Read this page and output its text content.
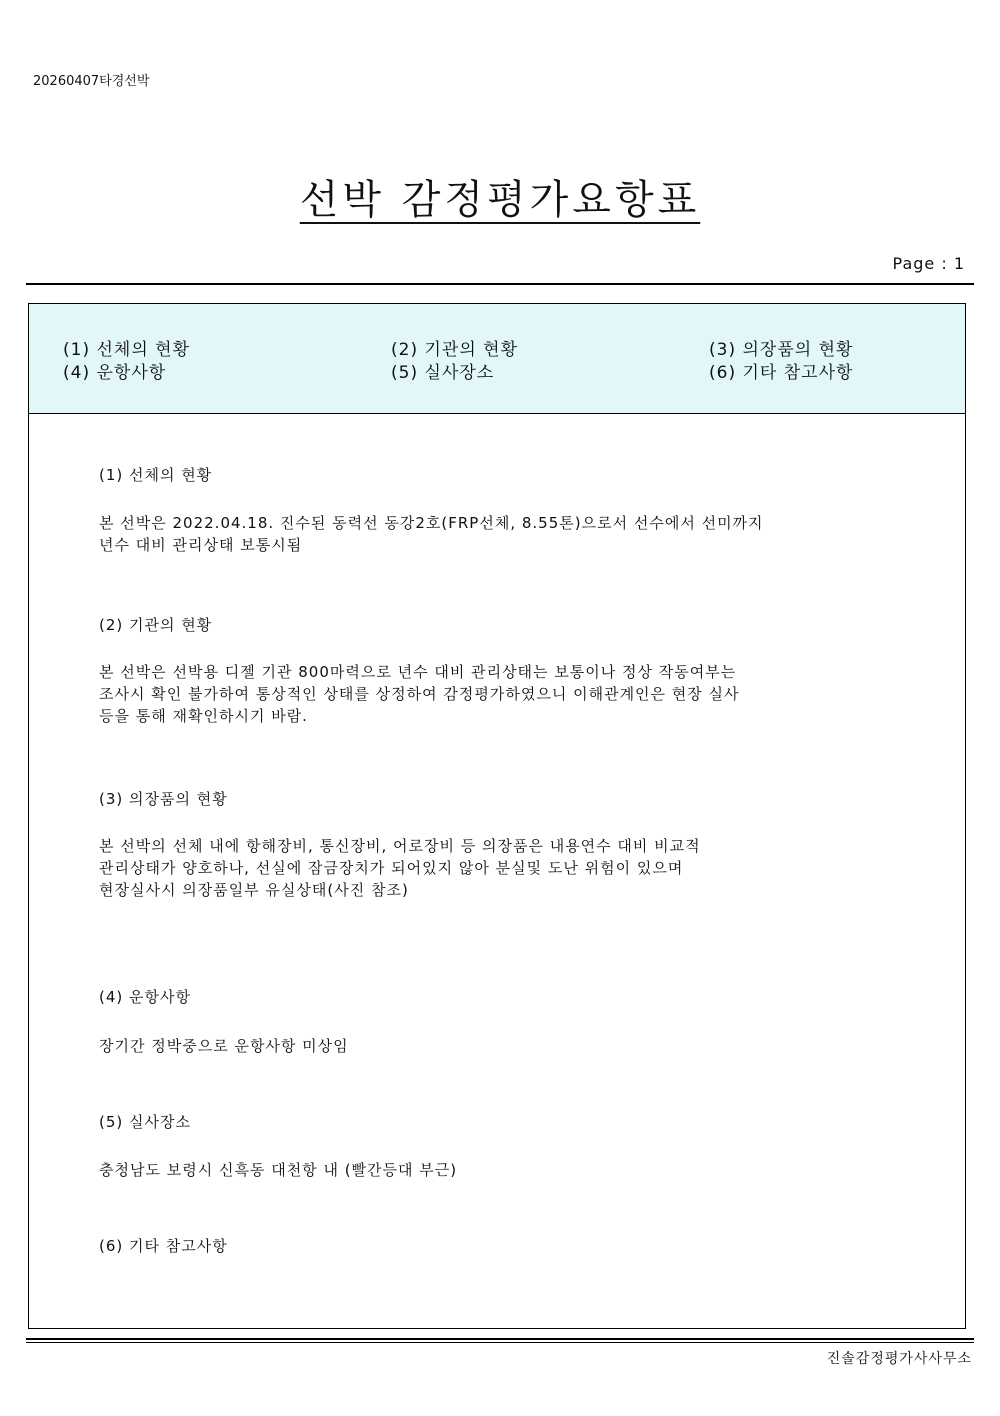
20260407타경선박
선박 감정평가요항표
Page : 1
(1) 선체의 현황	(2) 기관의 현황	(3) 의장품의 현황
(4) 운항사항	(5) 실사장소	(6) 기타 참고사항
(1) 선체의 현황
본 선박은 2022.04.18. 진수된 동력선 동강2호(FRP선체, 8.55톤)으로서 선수에서 선미까지
년수 대비 관리상태 보통시됨
(2) 기관의 현황
본 선박은 선박용 디젤 기관 800마력으로 년수 대비 관리상태는 보통이나 정상 작동여부는
조사시 확인 불가하여 통상적인 상태를 상정하여 감정평가하였으니 이해관계인은 현장 실사
등을 통해 재확인하시기 바람.
(3) 의장품의 현황
본 선박의 선체 내에 항해장비, 통신장비, 어로장비 등 의장품은 내용연수 대비 비교적
관리상태가 양호하나, 선실에 잠금장치가 되어있지 않아 분실및 도난 위험이 있으며
현장실사시 의장품일부 유실상태(사진 참조)
(4) 운항사항
장기간 정박중으로 운항사항 미상임
(5) 실사장소
충청남도 보령시 신흑동 대천항 내 (빨간등대 부근)
(6) 기타 참고사항
진솔감정평가사사무소
